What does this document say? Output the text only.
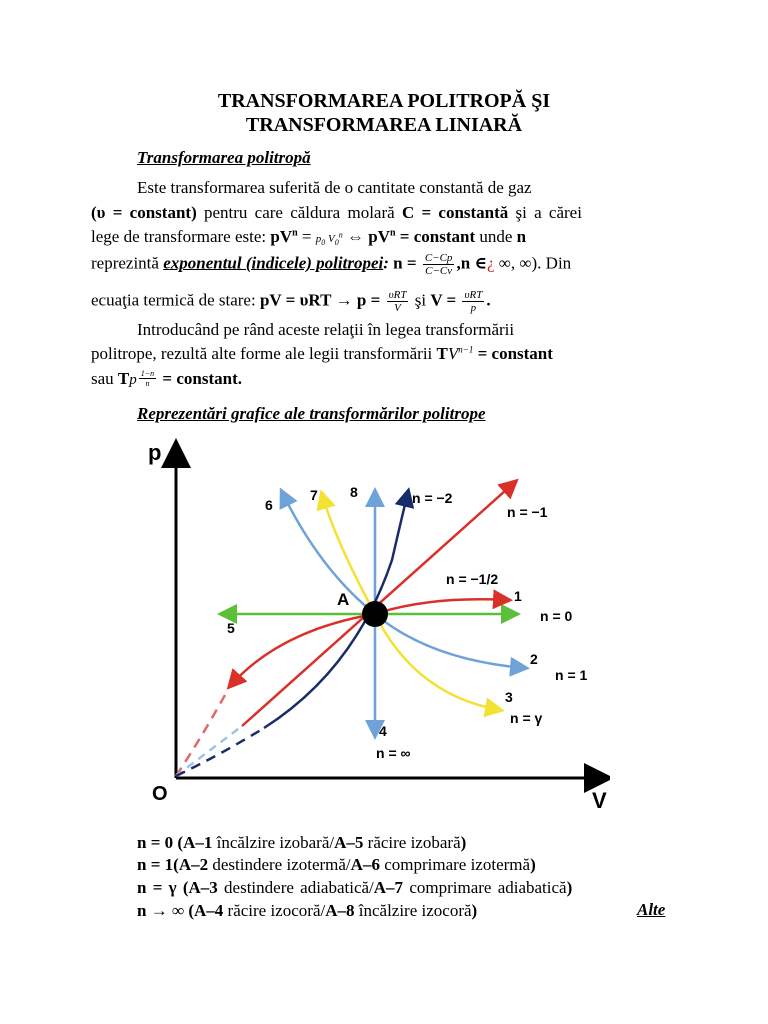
TRANSFORMAREA POLITROPĂ ŞI
TRANSFORMAREA LINIARĂ
Transformarea politropă
Este transformarea suferită de o cantitate constantă de gaz
(υ = constant) pentru care căldura molară C = constantă şi a cărei
lege de transformare este: $pV^n = p_0$ $V_0^n$ ⇔ $pV^n$ = constant unde n
reprezintă exponentul (indicele) politropei: $n = \frac{C-Cp}{C-Cv} ,n$ ∈¿ ∞, ∞). Din
ecuaţia termică de stare: pV = $\upsilon RT \to p = \frac{\text{υRT}}{V}$ şi $V = \frac{\text{υRT}}{p}$ .
Introducând pe rând aceste relaţii în legea transformării
politrope, rezultă alte forme ale legii transformării $TV^{n-1}$ = constant
sau Tp $\frac{1-n}{n}$ = constant.
Reprezentări grafice ale transformărilor politrope
p
V
O
A
6
7 8
5
1
2
3
4
n = −2
n = −1
n = −1/2
n = 0
n = 1
n = γ
n = ∞
n = 0 (A–1 încălzire izobară/A–5 răcire izobară)
n = 1(A–2 destindere izotermă/A–6 comprimare izotermă)
n = γ (A–3 destindere adiabatică/A–7 comprimare adiabatică)
n → ∞ (A–4 răcire izocoră/A–8 încălzire izocoră)	Alte
